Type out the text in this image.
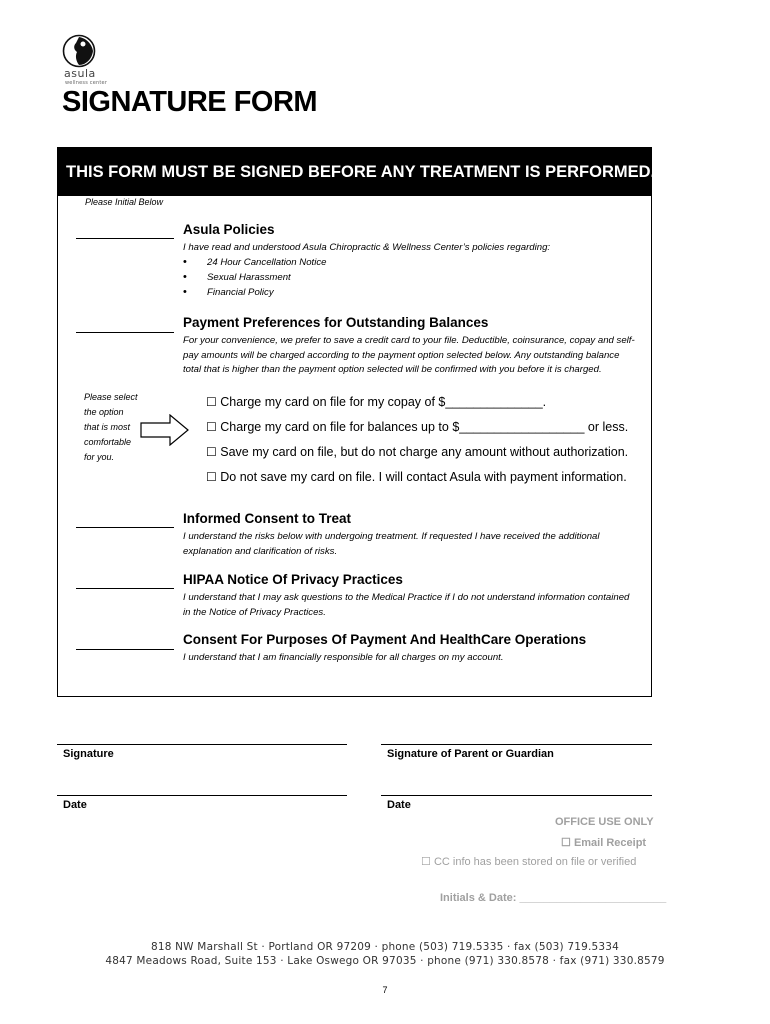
asula
wellness center
SIGNATURE FORM
THIS FORM MUST BE SIGNED BEFORE ANY TREATMENT IS PERFORMED.
Please Initial Below
Asula Policies
I have read and understood Asula Chiropractic & Wellness Center’s policies regarding:
• 24 Hour Cancellation Notice
• Sexual Harassment
• Financial Policy
Payment Preferences for Outstanding Balances
For your convenience, we prefer to save a credit card to your file. Deductible, coinsurance, copay and self-pay amounts will be charged according to the payment option selected below. Any outstanding balance total that is higher than the payment option selected will be confirmed with you before it is charged.
Please select
the option
that is most
comfortable
for you.
☐ Charge my card on file for my copay of $______________.
☐ Charge my card on file for balances up to $__________________ or less.
☐ Save my card on file, but do not charge any amount without authorization.
☐ Do not save my card on file. I will contact Asula with payment information.
Informed Consent to Treat
I understand the risks below with undergoing treatment. If requested I have received the additional explanation and clarification of risks.
HIPAA Notice Of Privacy Practices
I understand that I may ask questions to the Medical Practice if I do not understand information contained in the Notice of Privacy Practices.
Consent For Purposes Of Payment And HealthCare Operations
I understand that I am financially responsible for all charges on my account.
Signature	Signature of Parent or Guardian
Date	Date
OFFICE USE ONLY
☐ Email Receipt
☐ CC info has been stored on file or verified
Initials & Date: ________________________
818 NW Marshall St · Portland OR 97209 · phone (503) 719.5335 · fax (503) 719.5334
4847 Meadows Road, Suite 153 · Lake Oswego OR 97035 · phone (971) 330.8578 · fax (971) 330.8579
7
